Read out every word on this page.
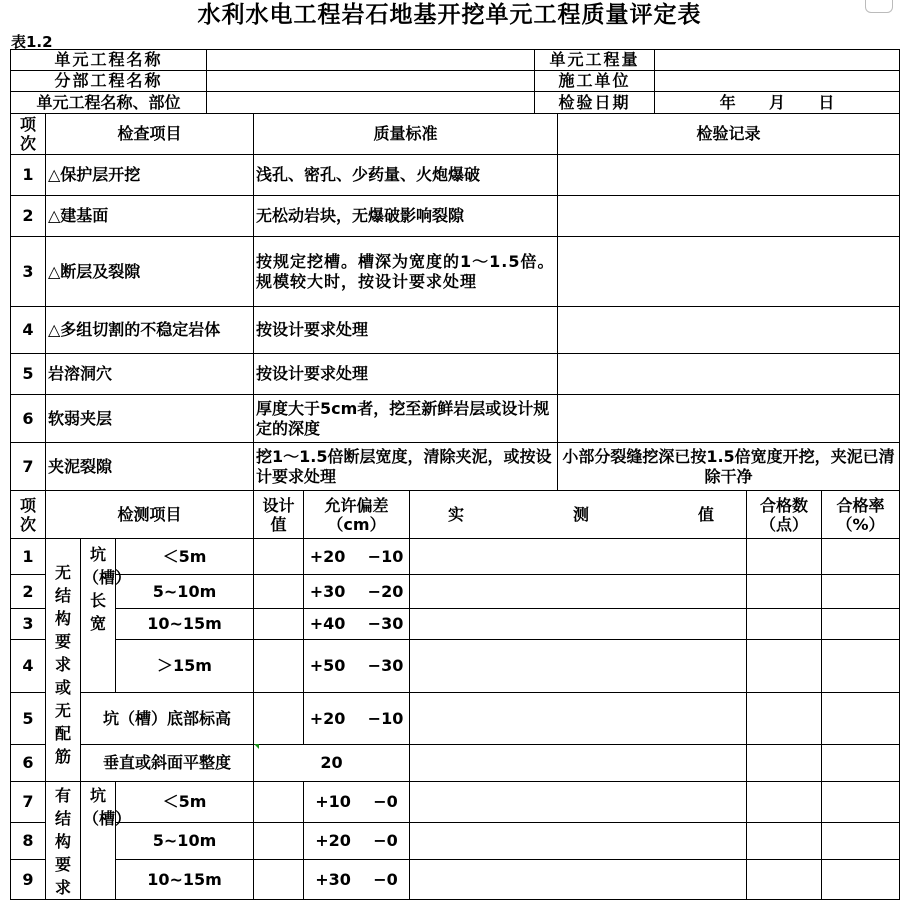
水利水电工程岩石地基开挖单元工程质量评定表
表1.2
单元工程名称		单元工程量	
分部工程名称		施工单位	
单元工程名称、部位		检验日期	年      月      日
项次	检查项目	质量标准	检验记录
1	△保护层开挖	浅孔、密孔、少药量、火炮爆破	
2	△建基面	无松动岩块，无爆破影响裂隙	
3	△断层及裂隙	按规定挖槽。槽深为宽度的1～1.5倍。规模较大时，按设计要求处理	
4	△多组切割的不稳定岩体	按设计要求处理	
5	岩溶洞穴	按设计要求处理	
6	软弱夹层	厚度大于5cm者，挖至新鲜岩层或设计规定的深度	
7	夹泥裂隙	挖1～1.5倍断层宽度，清除夹泥，或按设计要求处理	小部分裂缝挖深已按1.5倍宽度开挖，夹泥已清除干净
项次	检测项目			设计值	允许偏差（cm）	实 测 值	合格数（点）	合格率（%）
1	无结构要求或无配筋	坑（槽）长宽	＜5m		+20 −10			
2			5~10m		+30 −20			
3			10~15m		+40 −30			
4			＞15m		+50 −30			
5		坑（槽）底部标高			+20 −10			
6		垂直或斜面平整度		20				
7	有结构要求	坑（槽）	＜5m		+10 −0			
8			5~10m		+20 −0			
9			10~15m		+30 −0			
